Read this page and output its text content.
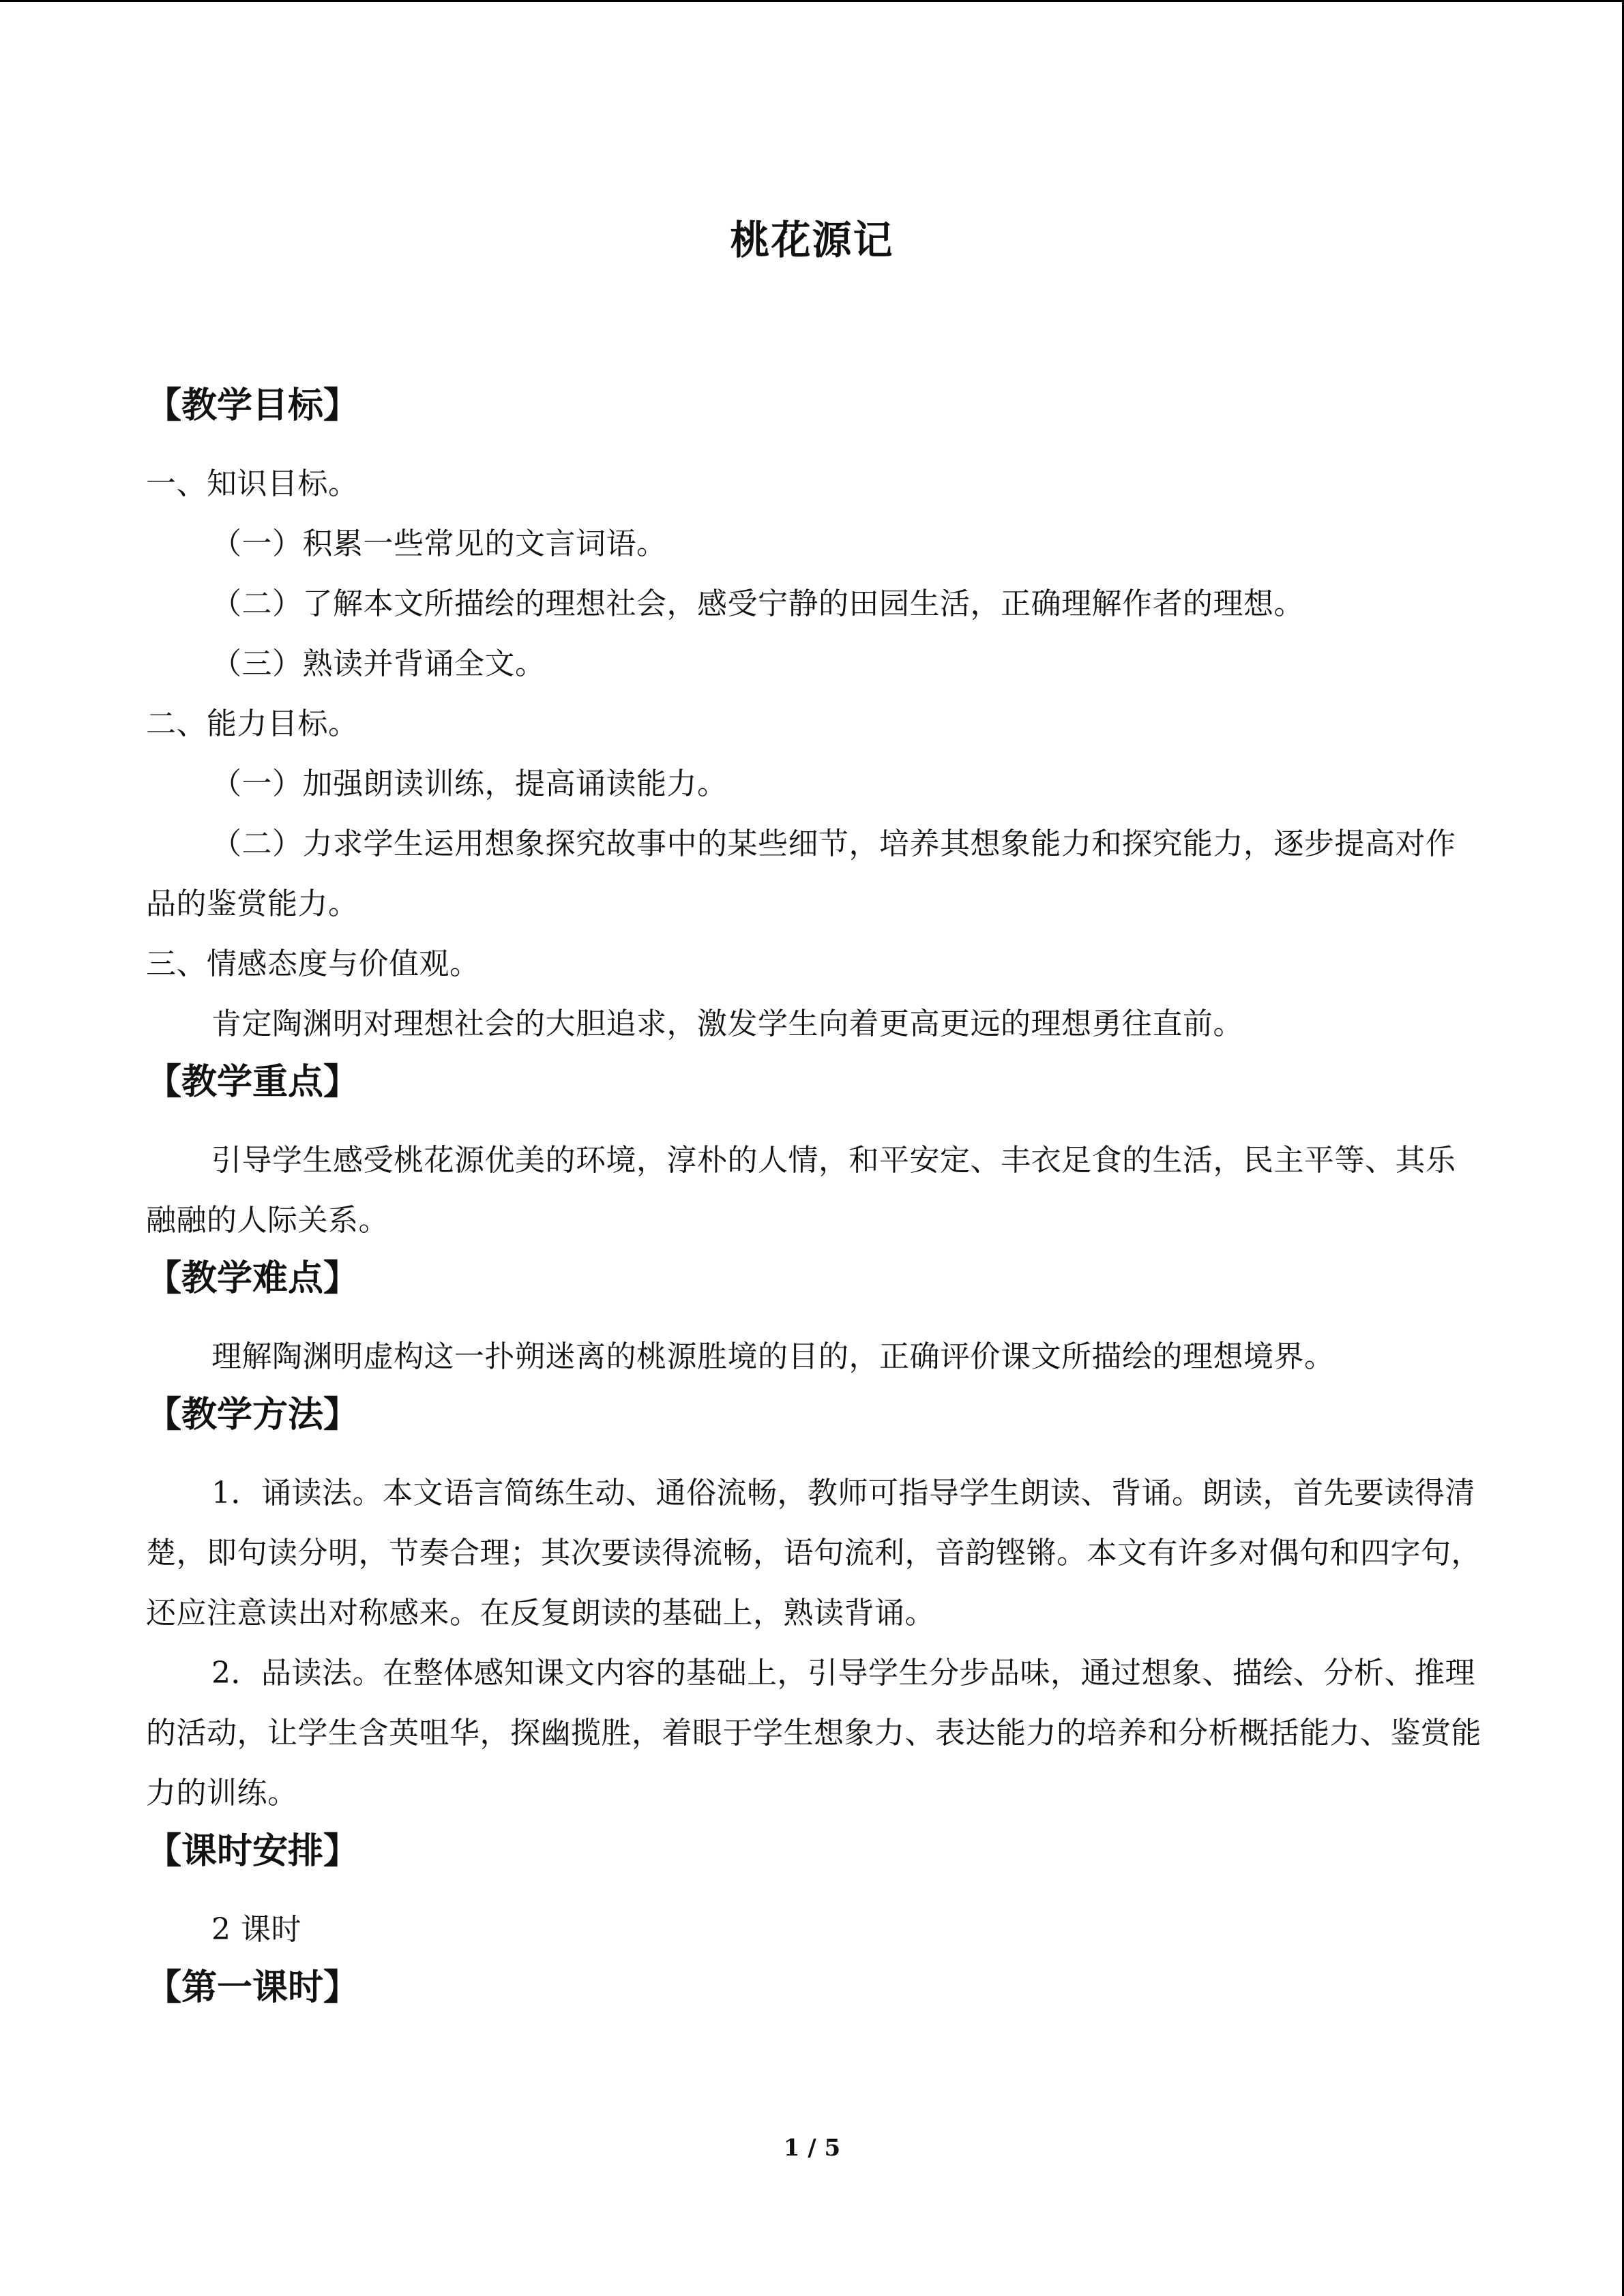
桃花源记

【教学目标】

一、知识目标。

（一）积累一些常见的文言词语。

（二）了解本文所描绘的理想社会，感受宁静的田园生活，正确理解作者的理想。

（三）熟读并背诵全文。

二、能力目标。

（一）加强朗读训练，提高诵读能力。

（二）力求学生运用想象探究故事中的某些细节，培养其想象能力和探究能力，逐步提高对作品的鉴赏能力。

三、情感态度与价值观。

肯定陶渊明对理想社会的大胆追求，激发学生向着更高更远的理想勇往直前。

【教学重点】

引导学生感受桃花源优美的环境，淳朴的人情，和平安定、丰衣足食的生活，民主平等、其乐融融的人际关系。

【教学难点】

理解陶渊明虚构这一扑朔迷离的桃源胜境的目的，正确评价课文所描绘的理想境界。

【教学方法】

1．诵读法。本文语言简练生动、通俗流畅，教师可指导学生朗读、背诵。朗读，首先要读得清楚，即句读分明，节奏合理；其次要读得流畅，语句流利，音韵铿锵。本文有许多对偶句和四字句，还应注意读出对称感来。在反复朗读的基础上，熟读背诵。

2．品读法。在整体感知课文内容的基础上，引导学生分步品味，通过想象、描绘、分析、推理的活动，让学生含英咀华，探幽揽胜，着眼于学生想象力、表达能力的培养和分析概括能力、鉴赏能力的训练。

【课时安排】

2 课时

【第一课时】

1 / 5
